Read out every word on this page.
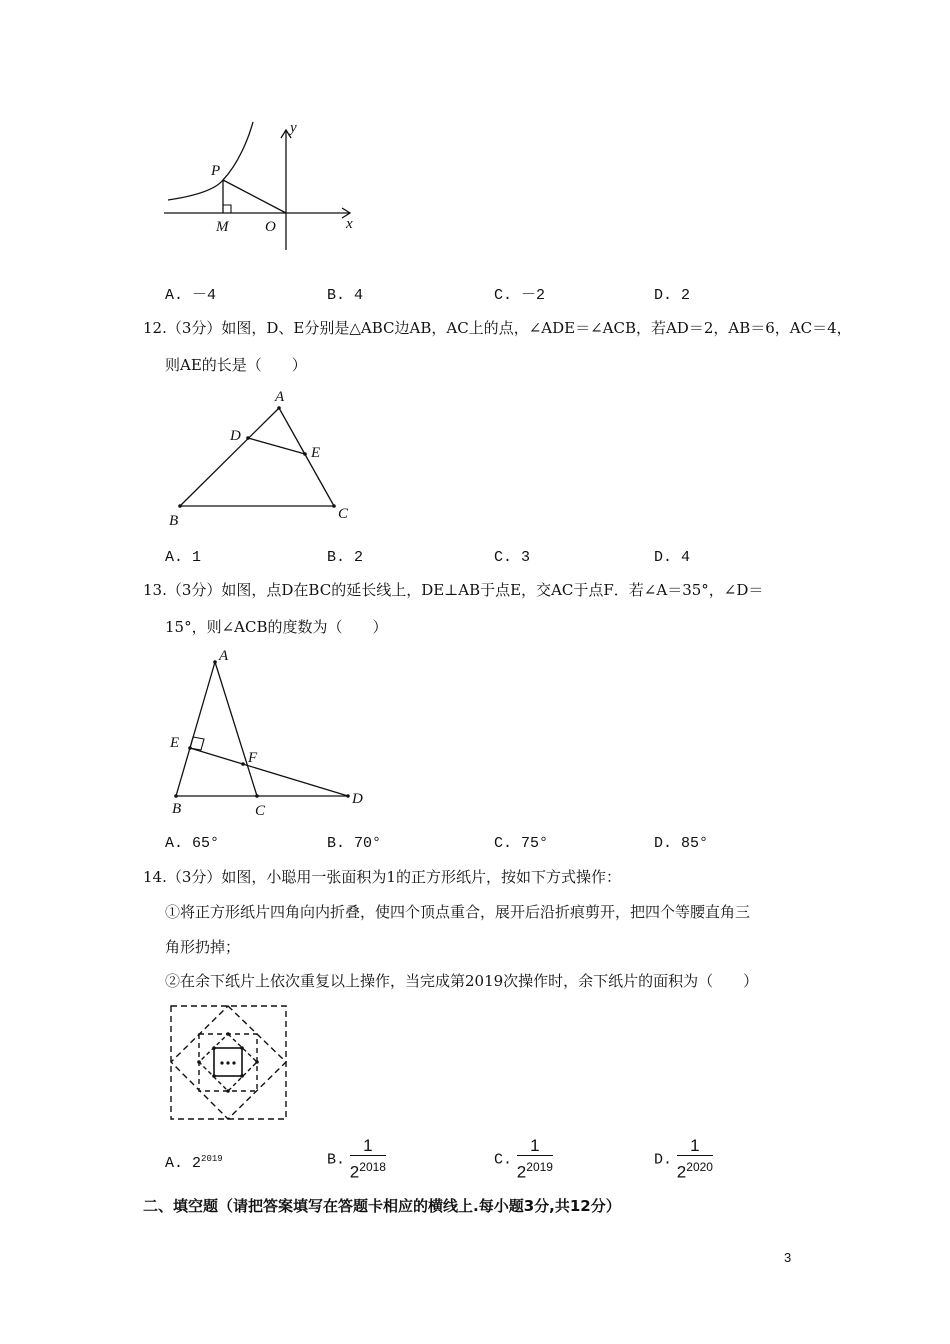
y
x
P
M O
A. －4	B. 4	C. －2	D. 2
12.（3分）如图，D、E分别是△ABC边AB，AC上的点，∠ADE＝∠ACB，若AD＝2，AB＝6，AC＝4，
则AE的长是（　　）
A
B	C
D
E
A. 1	B. 2	C. 3	D. 4
13.（3分）如图，点D在BC的延长线上，DE⊥AB于点E，交AC于点F．若∠A＝35°，∠D＝
15°，则∠ACB的度数为（　　）
A
B	C
D
E
F
A. 65°	B. 70°	C. 75°	D. 85°
14.（3分）如图，小聪用一张面积为1的正方形纸片，按如下方式操作：
①将正方形纸片四角向内折叠，使四个顶点重合，展开后沿折痕剪开，把四个等腰直角三
角形扔掉；
②在余下纸片上依次重复以上操作，当完成第2019次操作时，余下纸片的面积为（　　）
A. $2^{2019}$	B. $\frac{1}{2^{2018}}$	C. $\frac{1}{2^{2019}}$	D. $\frac{1}{2^{2020}}$
二、填空题（请把答案填写在答题卡相应的横线上.每小题3分,共12分）
3
